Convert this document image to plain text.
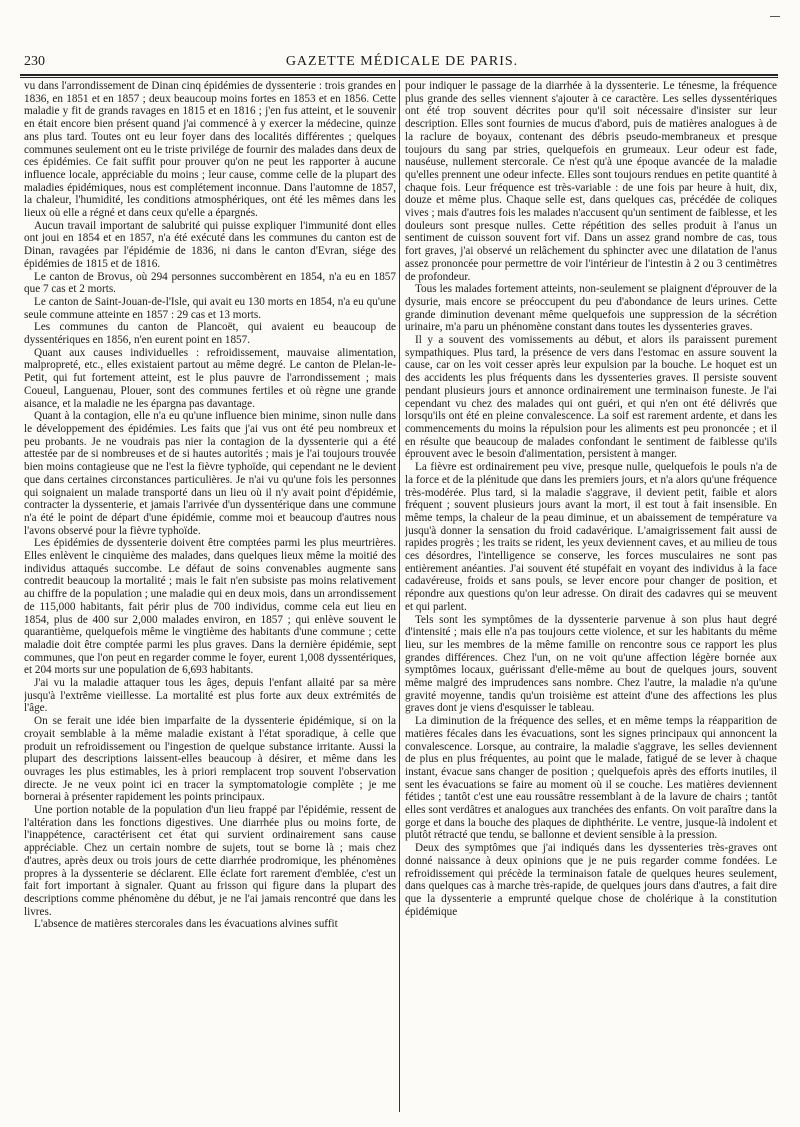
230	GAZETTE MÉDICALE DE PARIS.

vu dans l'arrondissement de Dinan cinq épidémies de dyssenterie : trois grandes en 1836, en 1851 et en 1857 ; deux beaucoup moins fortes en 1853 et en 1856. Cette maladie y fit de grands ravages en 1815 et en 1816 ; j'en fus atteint, et le souvenir en était encore bien présent quand j'ai commencé à y exercer la médecine, quinze ans plus tard. Toutes ont eu leur foyer dans des localités différentes ; quelques communes seulement ont eu le triste privilége de fournir des malades dans deux de ces épidémies. Ce fait suffit pour prouver qu'on ne peut les rapporter à aucune influence locale, appréciable du moins ; leur cause, comme celle de la plupart des maladies épidémiques, nous est complétement inconnue. Dans l'automne de 1857, la chaleur, l'humidité, les conditions atmosphériques, ont été les mêmes dans les lieux où elle a régné et dans ceux qu'elle a épargnés.

Aucun travail important de salubrité qui puisse expliquer l'immunité dont elles ont joui en 1854 et en 1857, n'a été exécuté dans les communes du canton est de Dinan, ravagées par l'épidémie de 1836, ni dans le canton d'Evran, siége des épidémies de 1815 et de 1816.

Le canton de Brovus, où 294 personnes succombèrent en 1854, n'a eu en 1857 que 7 cas et 2 morts.

Le canton de Saint-Jouan-de-l'Isle, qui avait eu 130 morts en 1854, n'a eu qu'une seule commune atteinte en 1857 : 29 cas et 13 morts.

Les communes du canton de Plancoët, qui avaient eu beaucoup de dyssentériques en 1856, n'en eurent point en 1857.

Quant aux causes individuelles : refroidissement, mauvaise alimentation, malpropreté, etc., elles existaient partout au même degré. Le canton de Plelan-le-Petit, qui fut fortement atteint, est le plus pauvre de l'arrondissement ; mais Coueul, Languenau, Plouer, sont des communes fertiles et où règne une grande aisance, et la maladie ne les épargna pas davantage.

Quant à la contagion, elle n'a eu qu'une influence bien minime, sinon nulle dans le développement des épidémies. Les faits que j'ai vus ont été peu nombreux et peu probants. Je ne voudrais pas nier la contagion de la dyssenterie qui a été attestée par de si nombreuses et de si hautes autorités ; mais je l'ai toujours trouvée bien moins contagieuse que ne l'est la fièvre typhoïde, qui cependant ne le devient que dans certaines circonstances particulières. Je n'ai vu qu'une fois les personnes qui soignaient un malade transporté dans un lieu où il n'y avait point d'épidémie, contracter la dyssenterie, et jamais l'arrivée d'un dyssentérique dans une commune n'a été le point de départ d'une épidémie, comme moi et beaucoup d'autres nous l'avons observé pour la fièvre typhoïde.

Les épidémies de dyssenterie doivent être comptées parmi les plus meurtrières. Elles enlèvent le cinquième des malades, dans quelques lieux même la moitié des individus attaqués succombe. Le défaut de soins convenables augmente sans contredit beaucoup la mortalité ; mais le fait n'en subsiste pas moins relativement au chiffre de la population ; une maladie qui en deux mois, dans un arrondissement de 115,000 habitants, fait périr plus de 700 individus, comme cela eut lieu en 1854, plus de 400 sur 2,000 malades environ, en 1857 ; qui enlève souvent le quarantième, quelquefois même le vingtième des habitants d'une commune ; cette maladie doit être comptée parmi les plus graves. Dans la dernière épidémie, sept communes, que l'on peut en regarder comme le foyer, eurent 1,008 dyssentériques, et 204 morts sur une population de 6,693 habitants.

J'ai vu la maladie attaquer tous les âges, depuis l'enfant allaité par sa mère jusqu'à l'extrême vieillesse. La mortalité est plus forte aux deux extrémités de l'âge.

On se ferait une idée bien imparfaite de la dyssenterie épidémique, si on la croyait semblable à la même maladie existant à l'état sporadique, à celle que produit un refroidissement ou l'ingestion de quelque substance irritante. Aussi la plupart des descriptions laissent-elles beaucoup à désirer, et même dans les ouvrages les plus estimables, les à priori remplacent trop souvent l'observation directe. Je ne veux point ici en tracer la symptomatologie complète ; je me bornerai à présenter rapidement les points principaux.

Une portion notable de la population d'un lieu frappé par l'épidémie, ressent de l'altération dans les fonctions digestives. Une diarrhée plus ou moins forte, de l'inappétence, caractérisent cet état qui survient ordinairement sans cause appréciable. Chez un certain nombre de sujets, tout se borne là ; mais chez d'autres, après deux ou trois jours de cette diarrhée prodromique, les phénomènes propres à la dyssenterie se déclarent. Elle éclate fort rarement d'emblée, c'est un fait fort important à signaler. Quant au frisson qui figure dans la plupart des descriptions comme phénomène du début, je ne l'ai jamais rencontré que dans les livres.

L'absence de matières stercorales dans les évacuations alvines suffit

pour indiquer le passage de la diarrhée à la dyssenterie. Le ténesme, la fréquence plus grande des selles viennent s'ajouter à ce caractère. Les selles dyssentériques ont été trop souvent décrites pour qu'il soit nécessaire d'insister sur leur description. Elles sont fournies de mucus d'abord, puis de matières analogues à de la raclure de boyaux, contenant des débris pseudo-membraneux et presque toujours du sang par stries, quelquefois en grumeaux. Leur odeur est fade, nauséuse, nullement stercorale. Ce n'est qu'à une époque avancée de la maladie qu'elles prennent une odeur infecte. Elles sont toujours rendues en petite quantité à chaque fois. Leur fréquence est très-variable : de une fois par heure à huit, dix, douze et même plus. Chaque selle est, dans quelques cas, précédée de coliques vives ; mais d'autres fois les malades n'accusent qu'un sentiment de faiblesse, et les douleurs sont presque nulles. Cette répétition des selles produit à l'anus un sentiment de cuisson souvent fort vif. Dans un assez grand nombre de cas, tous fort graves, j'ai observé un relâchement du sphincter avec une dilatation de l'anus assez prononcée pour permettre de voir l'intérieur de l'intestin à 2 ou 3 centimètres de profondeur.

Tous les malades fortement atteints, non-seulement se plaignent d'éprouver de la dysurie, mais encore se préoccupent du peu d'abondance de leurs urines. Cette grande diminution devenant même quelquefois une suppression de la sécrétion urinaire, m'a paru un phénomène constant dans toutes les dyssenteries graves.

Il y a souvent des vomissements au début, et alors ils paraissent purement sympathiques. Plus tard, la présence de vers dans l'estomac en assure souvent la cause, car on les voit cesser après leur expulsion par la bouche. Le hoquet est un des accidents les plus fréquents dans les dyssenteries graves. Il persiste souvent pendant plusieurs jours et annonce ordinairement une terminaison funeste. Je l'ai cependant vu chez des malades qui ont guéri, et qui n'en ont été délivrés que lorsqu'ils ont été en pleine convalescence. La soif est rarement ardente, et dans les commencements du moins la répulsion pour les aliments est peu prononcée ; et il en résulte que beaucoup de malades confondant le sentiment de faiblesse qu'ils éprouvent avec le besoin d'alimentation, persistent à manger.

La fièvre est ordinairement peu vive, presque nulle, quelquefois le pouls n'a de la force et de la plénitude que dans les premiers jours, et n'a alors qu'une fréquence très-modérée. Plus tard, si la maladie s'aggrave, il devient petit, faible et alors fréquent ; souvent plusieurs jours avant la mort, il est tout à fait insensible. En même temps, la chaleur de la peau diminue, et un abaissement de température va jusqu'à donner la sensation du froid cadavérique. L'amaigrissement fait aussi de rapides progrès ; les traits se rident, les yeux deviennent caves, et au milieu de tous ces désordres, l'intelligence se conserve, les forces musculaires ne sont pas entièrement anéanties. J'ai souvent été stupéfait en voyant des individus à la face cadavéreuse, froids et sans pouls, se lever encore pour changer de position, et répondre aux questions qu'on leur adresse. On dirait des cadavres qui se meuvent et qui parlent.

Tels sont les symptômes de la dyssenterie parvenue à son plus haut degré d'intensité ; mais elle n'a pas toujours cette violence, et sur les habitants du même lieu, sur les membres de la même famille on rencontre sous ce rapport les plus grandes différences. Chez l'un, on ne voit qu'une affection légère bornée aux symptômes locaux, guérissant d'elle-même au bout de quelques jours, souvent même malgré des imprudences sans nombre. Chez l'autre, la maladie n'a qu'une gravité moyenne, tandis qu'un troisième est atteint d'une des affections les plus graves dont je viens d'esquisser le tableau.

La diminution de la fréquence des selles, et en même temps la réapparition de matières fécales dans les évacuations, sont les signes principaux qui annoncent la convalescence. Lorsque, au contraire, la maladie s'aggrave, les selles deviennent de plus en plus fréquentes, au point que le malade, fatigué de se lever à chaque instant, évacue sans changer de position ; quelquefois après des efforts inutiles, il sent les évacuations se faire au moment où il se couche. Les matières deviennent fétides ; tantôt c'est une eau roussâtre ressemblant à de la lavure de chairs ; tantôt elles sont verdâtres et analogues aux tranchées des enfants. On voit paraître dans la gorge et dans la bouche des plaques de diphthérite. Le ventre, jusque-là indolent et plutôt rétracté que tendu, se ballonne et devient sensible à la pression.

Deux des symptômes que j'ai indiqués dans les dyssenteries très-graves ont donné naissance à deux opinions que je ne puis regarder comme fondées. Le refroidissement qui précède la terminaison fatale de quelques heures seulement, dans quelques cas à marche très-rapide, de quelques jours dans d'autres, a fait dire que la dyssenterie a emprunté quelque chose de cholérique à la constitution épidémique
